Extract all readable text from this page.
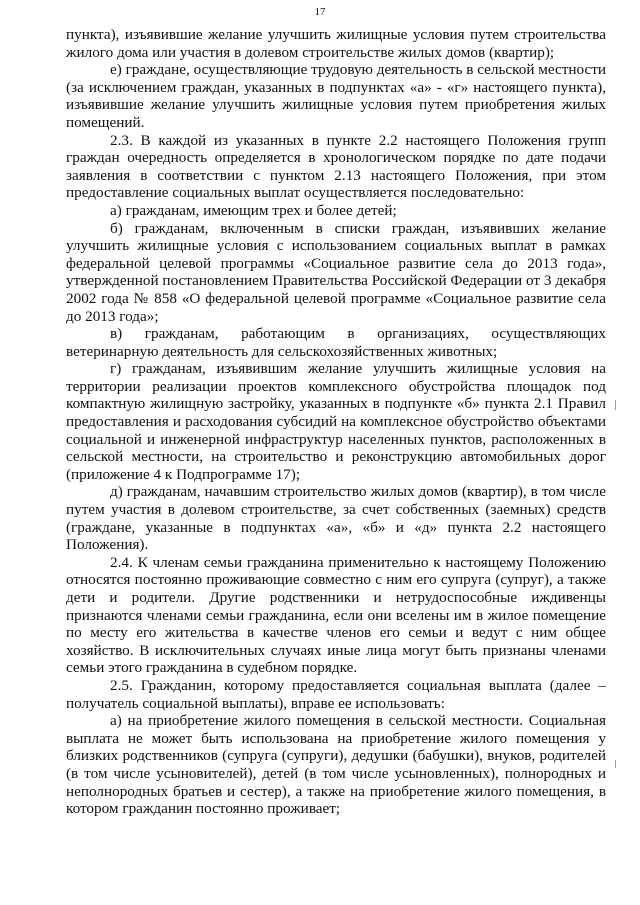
17

пункта), изъявившие желание улучшить жилищные условия путем строительства жилого дома или участия в долевом строительстве жилых домов (квартир);

е) граждане, осуществляющие трудовую деятельность в сельской местности (за исключением граждан, указанных в подпунктах «а» - «г» настоящего пункта), изъявившие желание улучшить жилищные условия путем приобретения жилых помещений.

2.3. В каждой из указанных в пункте 2.2 настоящего Положения групп граждан очередность определяется в хронологическом порядке по дате подачи заявления в соответствии с пунктом 2.13 настоящего Положения, при этом предоставление социальных выплат осуществляется последовательно:

а) гражданам, имеющим трех и более детей;

б) гражданам, включенным в списки граждан, изъявивших желание улучшить жилищные условия с использованием социальных выплат в рамках федеральной целевой программы «Социальное развитие села до 2013 года», утвержденной постановлением Правительства Российской Федерации от 3 декабря 2002 года № 858 «О федеральной целевой программе «Социальное развитие села до 2013 года»;

в) гражданам, работающим в организациях, осуществляющих ветеринарную деятельность для сельскохозяйственных животных;

г) гражданам, изъявившим желание улучшить жилищные условия на территории реализации проектов комплексного обустройства площадок под компактную жилищную застройку, указанных в подпункте «б» пункта 2.1 Правил предоставления и расходования субсидий на комплексное обустройство объектами социальной и инженерной инфраструктур населенных пунктов, расположенных в сельской местности, на строительство и реконструкцию автомобильных дорог (приложение 4 к Подпрограмме 17);

д) гражданам, начавшим строительство жилых домов (квартир), в том числе путем участия в долевом строительстве, за счет собственных (заемных) средств (граждане, указанные в подпунктах «а», «б» и «д» пункта 2.2 настоящего Положения).

2.4. К членам семьи гражданина применительно к настоящему Положению относятся постоянно проживающие совместно с ним его супруга (супруг), а также дети и родители. Другие родственники и нетрудоспособные иждивенцы признаются членами семьи гражданина, если они вселены им в жилое помещение по месту его жительства в качестве членов его семьи и ведут с ним общее хозяйство. В исключительных случаях иные лица могут быть признаны членами семьи этого гражданина в судебном порядке.

2.5. Гражданин, которому предоставляется социальная выплата (далее – получатель социальной выплаты), вправе ее использовать:

а) на приобретение жилого помещения в сельской местности. Социальная выплата не может быть использована на приобретение жилого помещения у близких родственников (супруга (супруги), дедушки (бабушки), внуков, родителей (в том числе усыновителей), детей (в том числе усыновленных), полнородных и неполнородных братьев и сестер), а также на приобретение жилого помещения, в котором гражданин постоянно проживает;
